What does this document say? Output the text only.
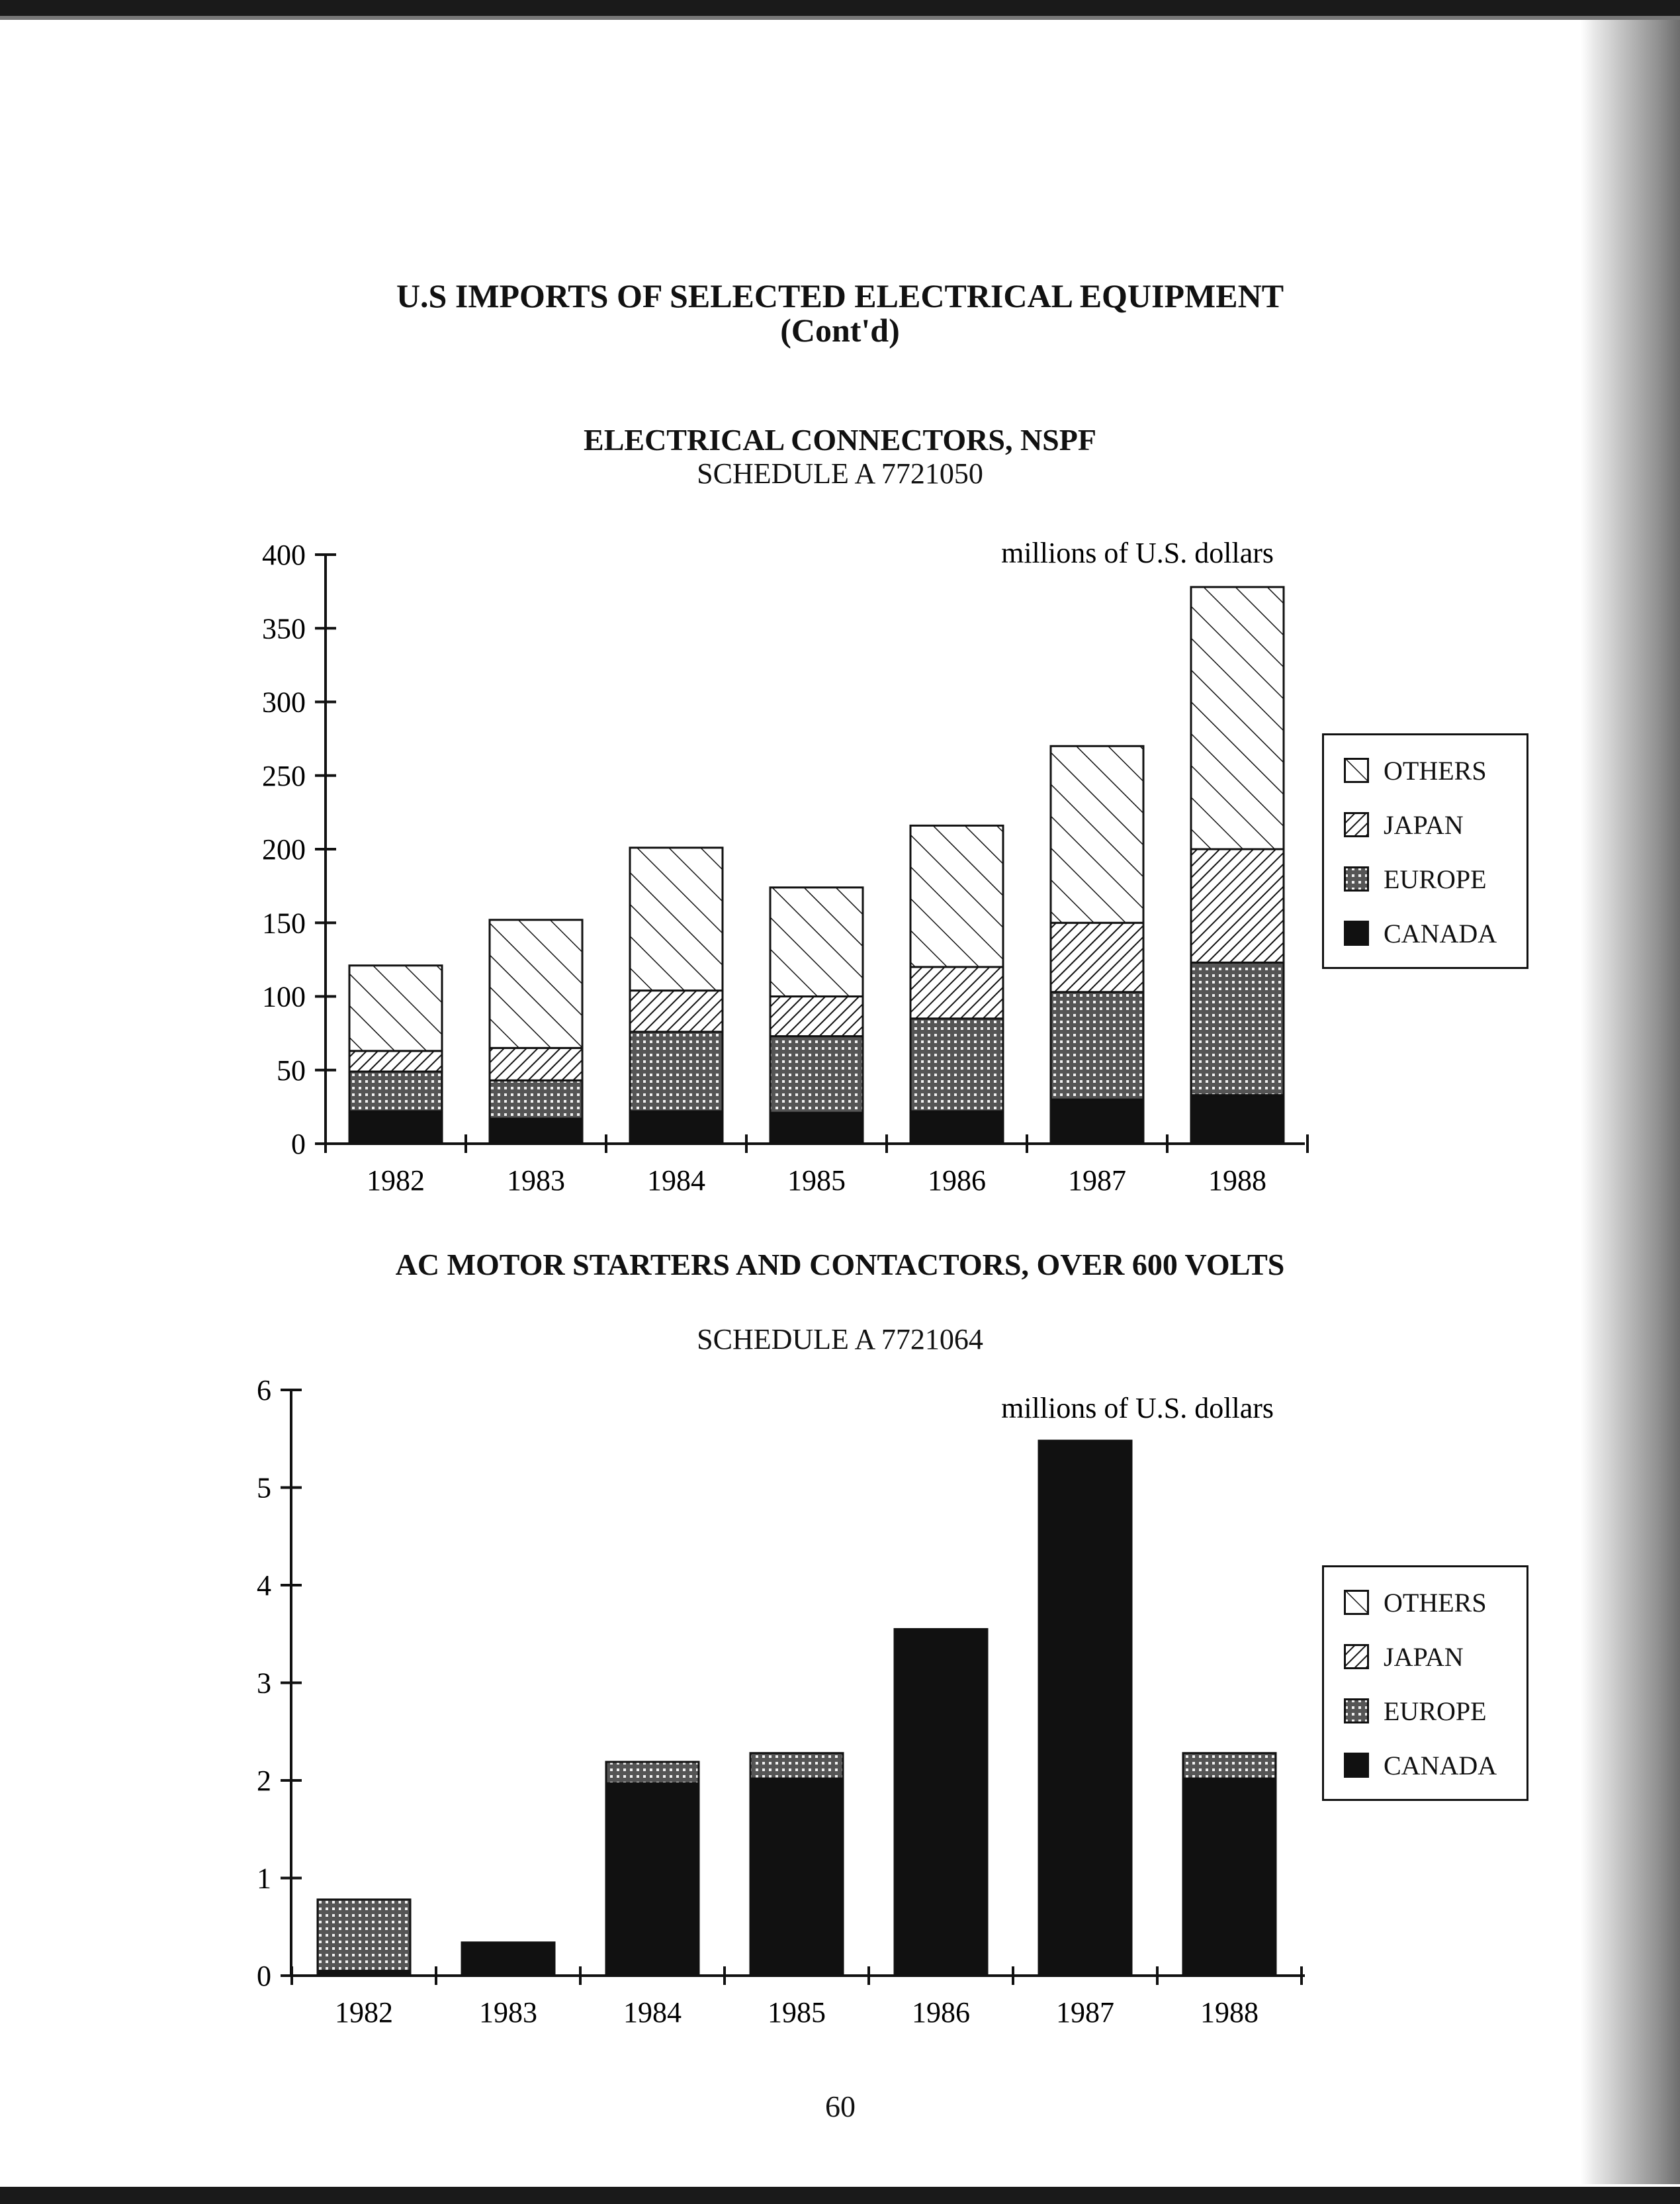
U.S IMPORTS OF SELECTED ELECTRICAL EQUIPMENT
(Cont'd)
ELECTRICAL CONNECTORS, NSPF
SCHEDULE A 7721050
millions of U.S. dollars
1982	1983	1984	1985	1986	1987	1988
0
50
100
150
200
250
300
350
400
OTHERS
JAPAN
EUROPE
CANADA
AC MOTOR STARTERS AND CONTACTORS, OVER 600 VOLTS
SCHEDULE A 7721064
millions of U.S. dollars
1982	1983	1984	1985	1986	1987	1988
0
1
2
3
4
5
6
OTHERS
JAPAN
EUROPE
CANADA
60
